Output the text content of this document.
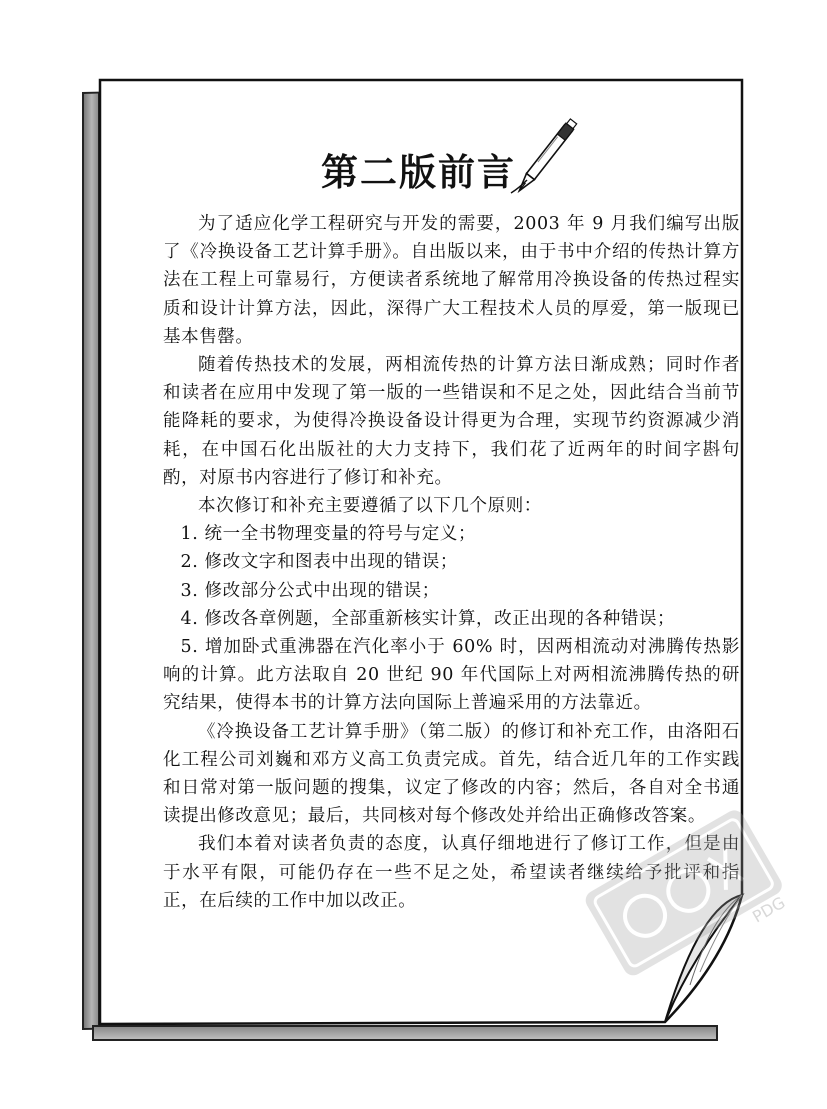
第二版前言

为了适应化学工程研究与开发的需要，2003 年 9 月我们编写出版了《冷换设备工艺计算手册》。自出版以来，由于书中介绍的传热计算方法在工程上可靠易行，方便读者系统地了解常用冷换设备的传热过程实质和设计计算方法，因此，深得广大工程技术人员的厚爱，第一版现已基本售罄。

随着传热技术的发展，两相流传热的计算方法日渐成熟；同时作者和读者在应用中发现了第一版的一些错误和不足之处，因此结合当前节能降耗的要求，为使得冷换设备设计得更为合理，实现节约资源减少消耗，在中国石化出版社的大力支持下，我们花了近两年的时间字斟句酌，对原书内容进行了修订和补充。

本次修订和补充主要遵循了以下几个原则：

1. 统一全书物理变量的符号与定义；

2. 修改文字和图表中出现的错误；

3. 修改部分公式中出现的错误；

4. 修改各章例题，全部重新核实计算，改正出现的各种错误；

5. 增加卧式重沸器在汽化率小于 60% 时，因两相流动对沸腾传热影响的计算。此方法取自 20 世纪 90 年代国际上对两相流沸腾传热的研究结果，使得本书的计算方法向国际上普遍采用的方法靠近。

《冷换设备工艺计算手册》（第二版）的修订和补充工作，由洛阳石化工程公司刘巍和邓方义高工负责完成。首先，结合近几年的工作实践和日常对第一版问题的搜集，议定了修改的内容；然后，各自对全书通读提出修改意见；最后，共同核对每个修改处并给出正确修改答案。

我们本着对读者负责的态度，认真仔细地进行了修订工作，但是由于水平有限，可能仍存在一些不足之处，希望读者继续给予批评和指正，在后续的工作中加以改正。	PDG
